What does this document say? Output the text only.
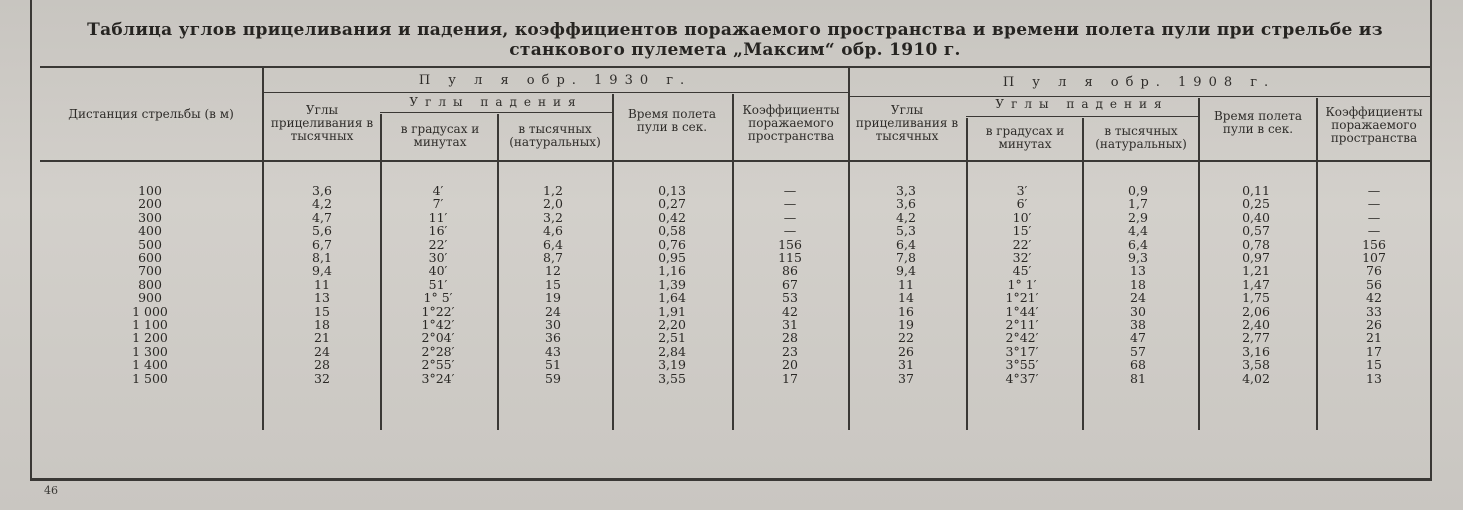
Таблица углов прицеливания и падения, коэффициентов поражаемого пространства и времени полета пули при стрельбе из станкового пулемета „Максим“ обр. 1910 г.
Дистанция стрельбы (в м)
П у л я обр. 1930 г.	П у л я обр. 1908 г.
Углы прицеливания в тысячных
Углы падения
в градусах и минутах
в тысячных (натуральных)
Время полета пули в сек.
Коэффициенты поражаемого пространства
Углы прицеливания в тысячных
Углы падения
в градусах и минутах
в тысячных (натуральных)
Время полета пули в сек.
Коэффициенты поражаемого пространства
100
200
300
400
500
600
700
800
900
1 000
1 100
1 200
1 300
1 400
1 500
3,6
4,2
4,7
5,6
6,7
8,1
9,4
11
13
15
18
21
24
28
32
4′
7′
11′
16′
22′
30′
40′
51′
1° 5′
1°22′
1°42′
2°04′
2°28′
2°55′
3°24′
1,2
2,0
3,2
4,6
6,4
8,7
12
15
19
24
30
36
43
51
59
0,13
0,27
0,42
0,58
0,76
0,95
1,16
1,39
1,64
1,91
2,20
2,51
2,84
3,19
3,55
—
—
—
—
156
115
86
67
53
42
31
28
23
20
17
3,3
3,6
4,2
5,3
6,4
7,8
9,4
11
14
16
19
22
26
31
37
3′
6′
10′
15′
22′
32′
45′
1° 1′
1°21′
1°44′
2°11′
2°42′
3°17′
3°55′
4°37′
0,9
1,7
2,9
4,4
6,4
9,3
13
18
24
30
38
47
57
68
81
0,11
0,25
0,40
0,57
0,78
0,97
1,21
1,47
1,75
2,06
2,40
2,77
3,16
3,58
4,02
—
—
—
—
156
107
76
56
42
33
26
21
17
15
13
46
